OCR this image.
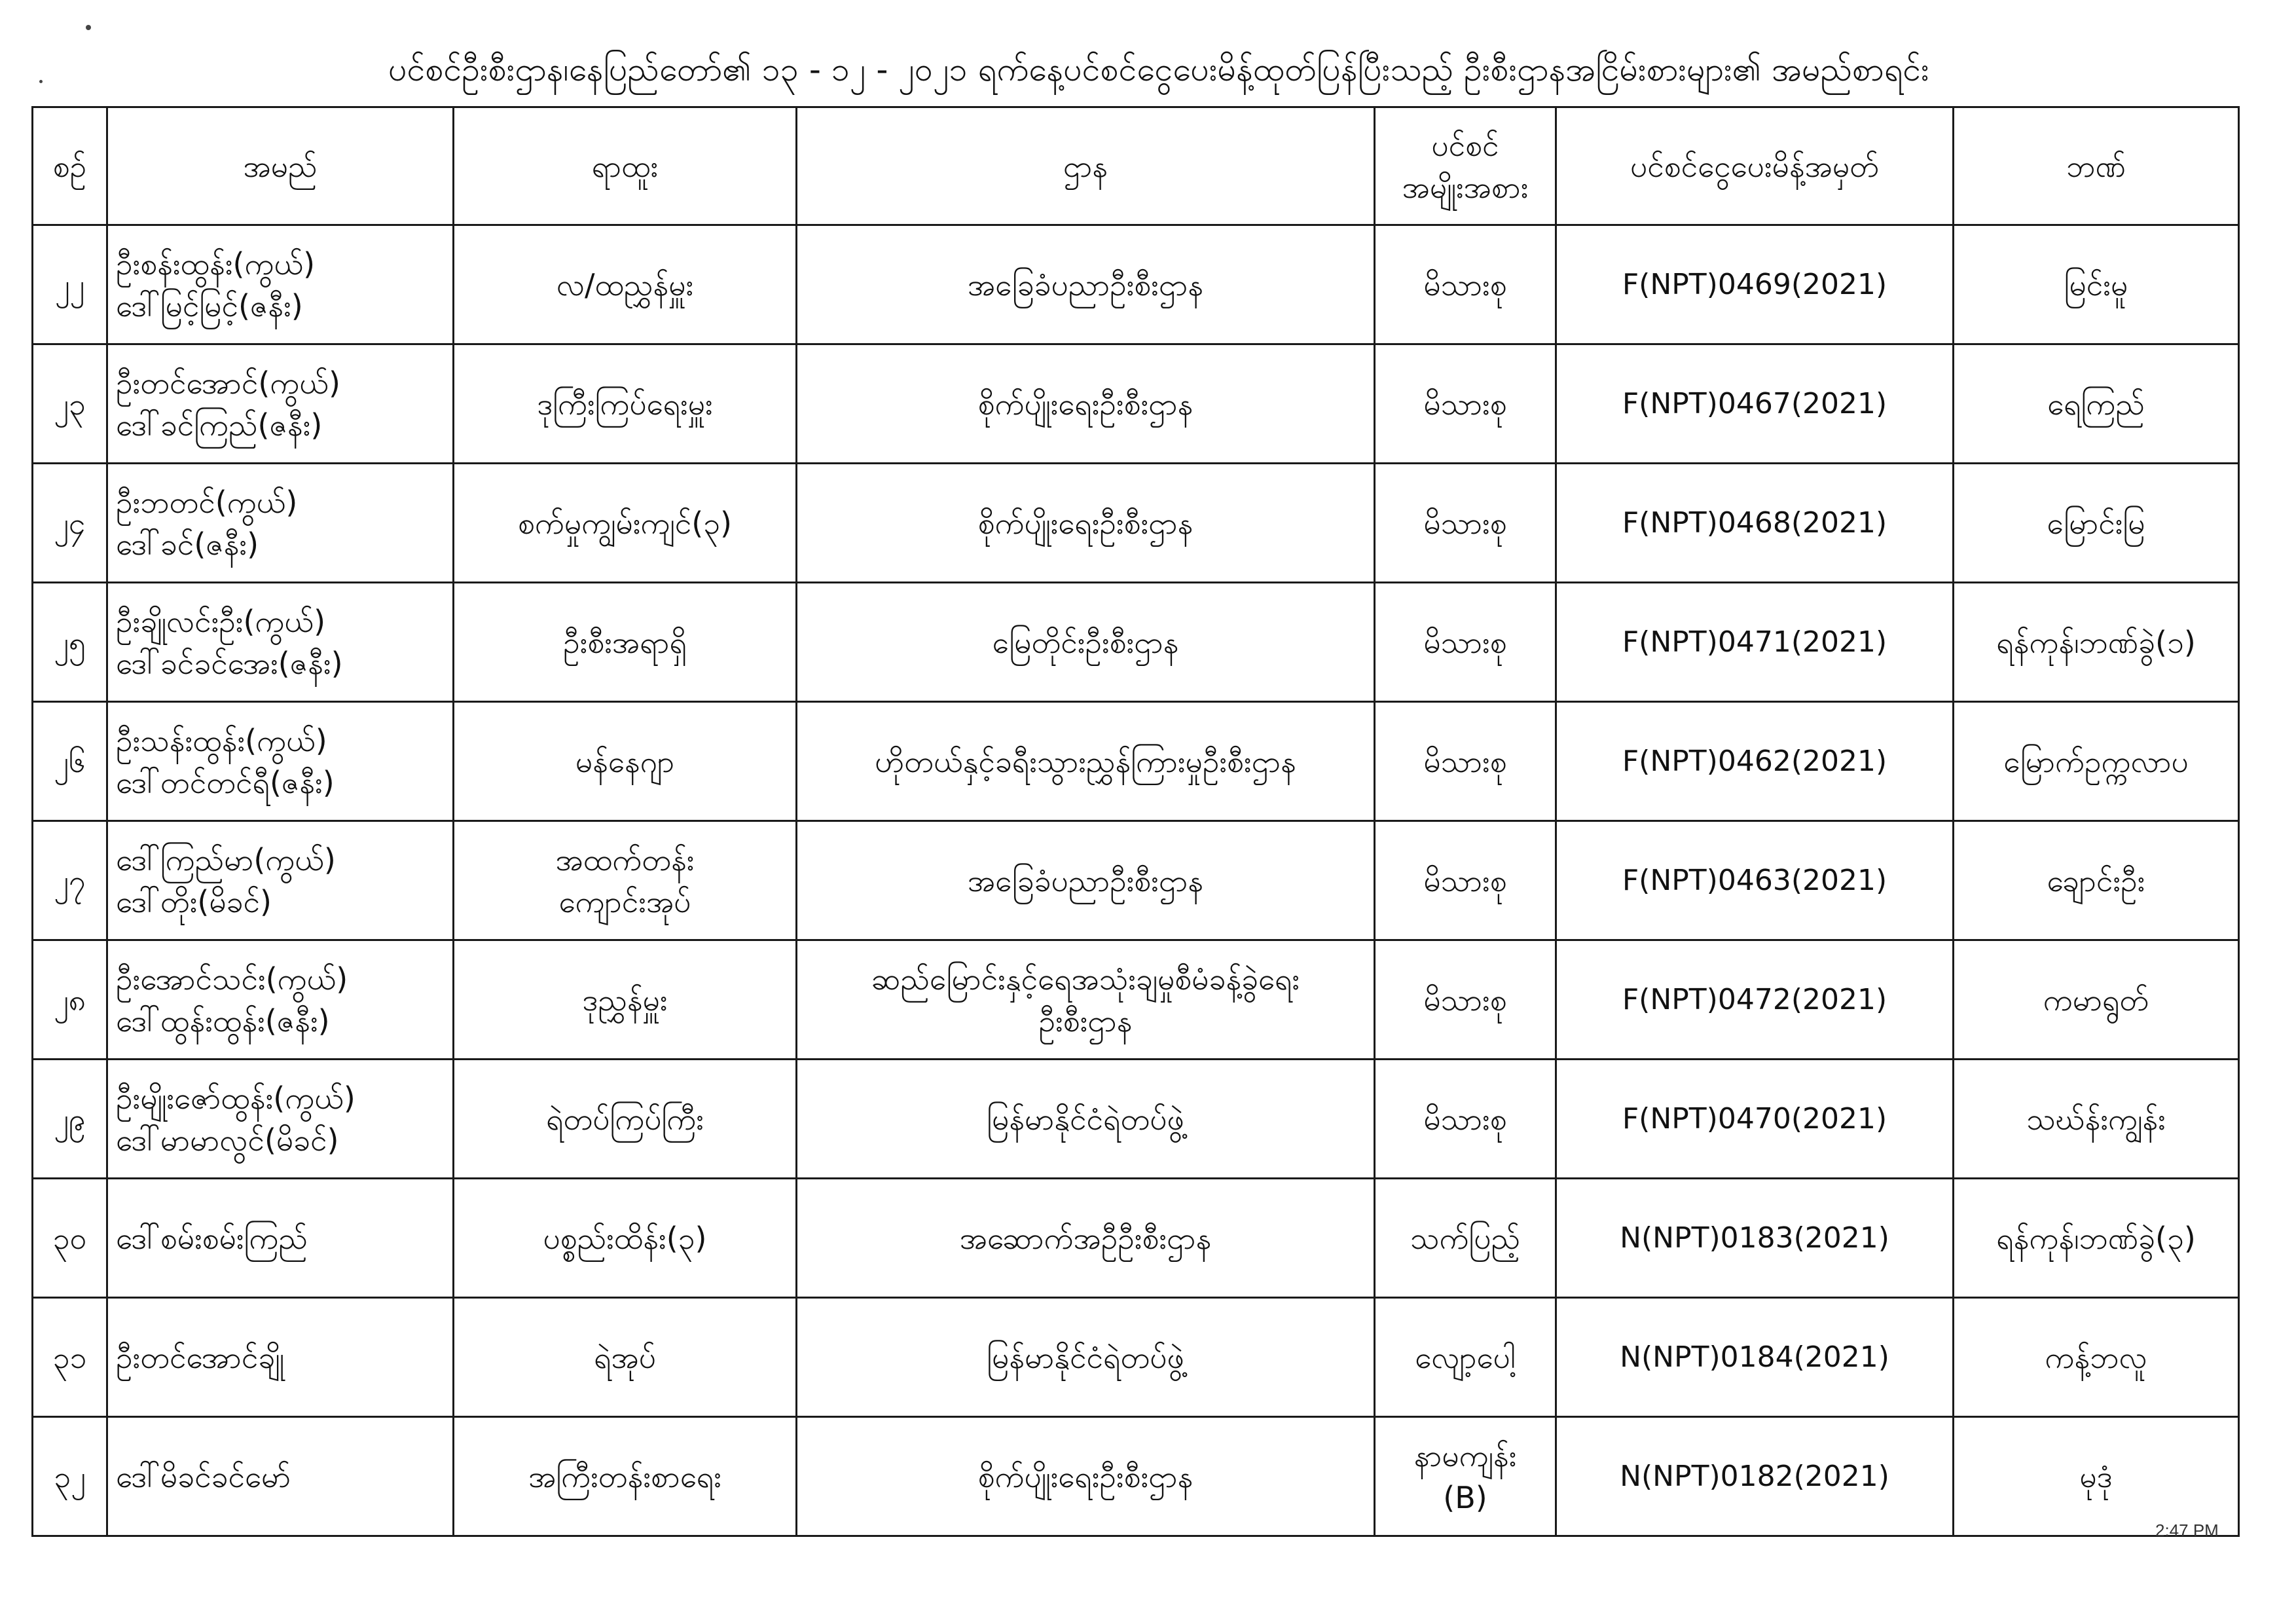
ပင်စင်ဦးစီးဌာန၊နေပြည်တော်၏ ၁၃ - ၁၂ - ၂၀၂၁ ရက်နေ့ပင်စင်ငွေပေးမိန့်ထုတ်ပြန်ပြီးသည့် ဦးစီးဌာနအငြိမ်းစားများ၏ အမည်စာရင်း
စဉ်	အမည်	ရာထူး	ဌာန	ပင်စင်
အမျိုးအစား	ပင်စင်ငွေပေးမိန့်အမှတ်	ဘဏ်

၂၂	ဦးစန်းထွန်း(ကွယ်)
ဒေါ်မြင့်မြင့်(ဇနီး)	လ/ထညွှန်မှူး	အခြေခံပညာဦးစီးဌာန	မိသားစု	F(NPT)0469(2021)	မြင်းမူ

၂၃	ဦးတင်အောင်(ကွယ်)
ဒေါ်ခင်ကြည်(ဇနီး)	ဒုကြီးကြပ်ရေးမှူး	စိုက်ပျိုးရေးဦးစီးဌာန	မိသားစု	F(NPT)0467(2021)	ရေကြည်

၂၄	ဦးဘတင်(ကွယ်)
ဒေါ်ခင်(ဇနီး)	စက်မှုကျွမ်းကျင်(၃)	စိုက်ပျိုးရေးဦးစီးဌာန	မိသားစု	F(NPT)0468(2021)	မြောင်းမြ

၂၅	ဦးချိုလင်းဦး(ကွယ်)
ဒေါ်ခင်ခင်အေး(ဇနီး)	ဦးစီးအရာရှိ	မြေတိုင်းဦးစီးဌာန	မိသားစု	F(NPT)0471(2021)	ရန်ကုန်၊ဘဏ်ခွဲ(၁)

၂၆	ဦးသန်းထွန်း(ကွယ်)
ဒေါ်တင်တင်ရီ(ဇနီး)	မန်နေဂျာ	ဟိုတယ်နှင့်ခရီးသွားညွှန်ကြားမှုဦးစီးဌာန	မိသားစု	F(NPT)0462(2021)	မြောက်ဥက္ကလာပ

၂၇	ဒေါ်ကြည်မာ(ကွယ်)
ဒေါ်တိုး(မိခင်)	အထက်တန်း
ကျောင်းအုပ်	အခြေခံပညာဦးစီးဌာန	မိသားစု	F(NPT)0463(2021)	ချောင်းဦး

၂၈	ဦးအောင်သင်း(ကွယ်)
ဒေါ်ထွန်းထွန်း(ဇနီး)	ဒုညွှန်မှူး	ဆည်မြောင်းနှင့်ရေအသုံးချမှုစီမံခန့်ခွဲရေး
ဦးစီးဌာန	မိသားစု	F(NPT)0472(2021)	ကမာရွတ်

၂၉	ဦးမျိုးဇော်ထွန်း(ကွယ်)
ဒေါ်မာမာလွင်(မိခင်)	ရဲတပ်ကြပ်ကြီး	မြန်မာနိုင်ငံရဲတပ်ဖွဲ့	မိသားစု	F(NPT)0470(2021)	သဃ်န်းကျွန်း

၃၀	ဒေါ်စမ်းစမ်းကြည်	ပစ္စည်းထိန်း(၃)	အဆောက်အဦဦးစီးဌာန	သက်ပြည့်	N(NPT)0183(2021)	ရန်ကုန်၊ဘဏ်ခွဲ(၃)

၃၁	ဦးတင်အောင်ချို	ရဲအုပ်	မြန်မာနိုင်ငံရဲတပ်ဖွဲ့	လျော့ပေါ့	N(NPT)0184(2021)	ကန့်ဘလူ

၃၂	ဒေါ်မိခင်ခင်မော်	အကြီးတန်းစာရေး	စိုက်ပျိုးရေးဦးစီးဌာန	နာမကျန်း
(B)	N(NPT)0182(2021)	မုဒုံ
2:47 PM
